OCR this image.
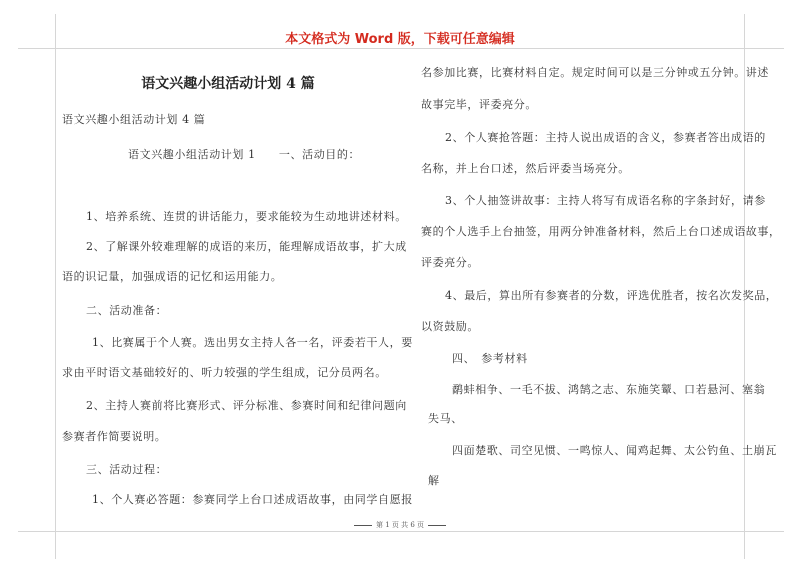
本文格式为 Word 版，下载可任意编辑
语文兴趣小组活动计划 4 篇
语文兴趣小组活动计划 4 篇
语文兴趣小组活动计划 1　　一、活动目的：
1、培养系统、连贯的讲话能力，要求能较为生动地讲述材料。
2、了解课外较难理解的成语的来历，能理解成语故事，扩大成
语的识记量，加强成语的记忆和运用能力。
二、活动准备：
1、比赛属于个人赛。选出男女主持人各一名，评委若干人，要
求由平时语文基础较好的、听力较强的学生组成，记分员两名。
2、主持人赛前将比赛形式、评分标准、参赛时间和纪律问题向
参赛者作简要说明。
三、活动过程：
1、个人赛必答题：参赛同学上台口述成语故事，由同学自愿报
名参加比赛，比赛材料自定。规定时间可以是三分钟或五分钟。讲述
故事完毕，评委亮分。
2、个人赛抢答题：主持人说出成语的含义，参赛者答出成语的
名称，并上台口述，然后评委当场亮分。
3、个人抽签讲故事：主持人将写有成语名称的字条封好，请参
赛的个人选手上台抽签，用两分钟准备材料，然后上台口述成语故事，
评委亮分。
4、最后，算出所有参赛者的分数，评选优胜者，按名次发奖品，
以资鼓励。
四、　参考材料
鹬蚌相争、一毛不拔、鸿鹄之志、东施笑颦、口若悬河、塞翁
失马、
四面楚歌、司空见惯、一鸣惊人、闻鸡起舞、太公钓鱼、土崩瓦
解
第 1 页 共 6 页
